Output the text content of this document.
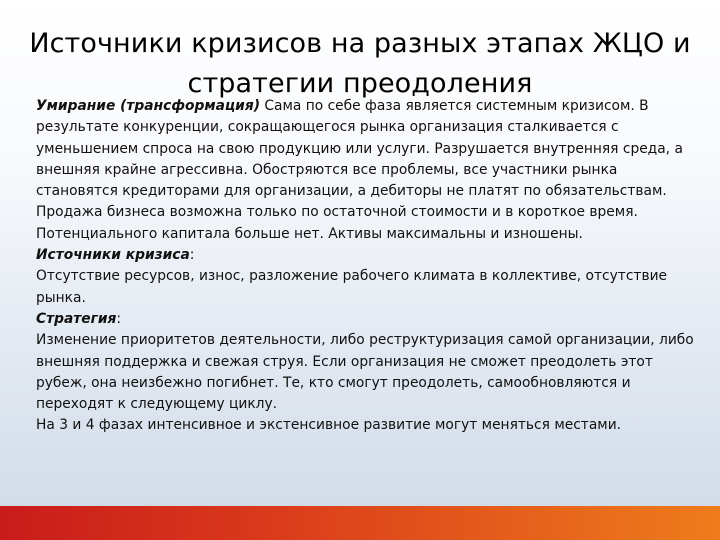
Источники кризисов на разных этапах ЖЦО и стратегии преодоления

Умирание (трансформация) Сама по себе фаза является системным кризисом. В результате конкуренции, сокращающегося рынка организация сталкивается с уменьшением спроса на свою продукцию или услуги. Разрушается внутренняя среда, а внешняя крайне агрессивна. Обостряются все проблемы, все участники рынка становятся кредиторами для организации, а дебиторы не платят по обязательствам. Продажа бизнеса возможна только по остаточной стоимости и в короткое время. Потенциального капитала больше нет. Активы максимальны и изношены.

Источники кризиса:

Отсутствие ресурсов, износ, разложение рабочего климата в коллективе, отсутствие рынка.

Стратегия:

Изменение приоритетов деятельности, либо реструктуризация самой организации, либо внешняя поддержка и свежая струя. Если организация не сможет преодолеть этот рубеж, она неизбежно погибнет. Те, кто смогут преодолеть, самообновляются и переходят к следующему циклу.

На 3 и 4 фазах интенсивное и экстенсивное развитие могут меняться местами.
